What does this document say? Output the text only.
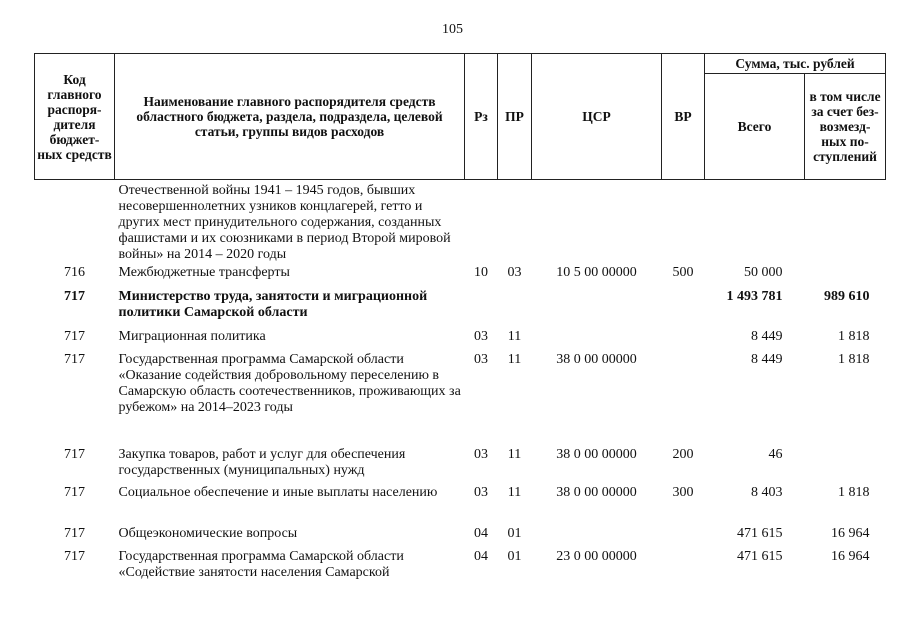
105
Код главного распоря- дителя бюджет- ных средств	Наименование главного распорядителя средств областного бюджета, раздела, подраздела, целевой статьи, группы видов расходов	Рз	ПР	ЦСР	ВР	Сумма, тыс. рублей	
						Всего	в том числе за счет без- возмезд- ных по- ступлений
	Отечественной войны 1941 – 1945 годов, бывших несовершеннолетних узников концлагерей, гетто и других мест принудительного содержания, созданных фашистами и их союзниками в период Второй мировой войны» на 2014 – 2020 годы						
716	Межбюджетные трансферты	10	03	10 5 00 00000	500	50 000	
717	Министерство труда, занятости и миграционной политики Самарской области					1 493 781	989 610
717	Миграционная политика	03	11			8 449	1 818
717	Государственная программа Самарской области «Оказание содействия добровольному переселению в Самарскую область соотечественников, проживающих за рубежом» на 2014–2023 годы	03	11	38 0 00 00000		8 449	1 818
717	Закупка товаров, работ и услуг для обеспечения государственных (муниципальных) нужд	03	11	38 0 00 00000	200	46	
717	Социальное обеспечение и иные выплаты населению	03	11	38 0 00 00000	300	8 403	1 818
717	Общеэкономические вопросы	04	01			471 615	16 964
717	Государственная программа Самарской области «Содействие занятости населения Самарской	04	01	23 0 00 00000		471 615	16 964
